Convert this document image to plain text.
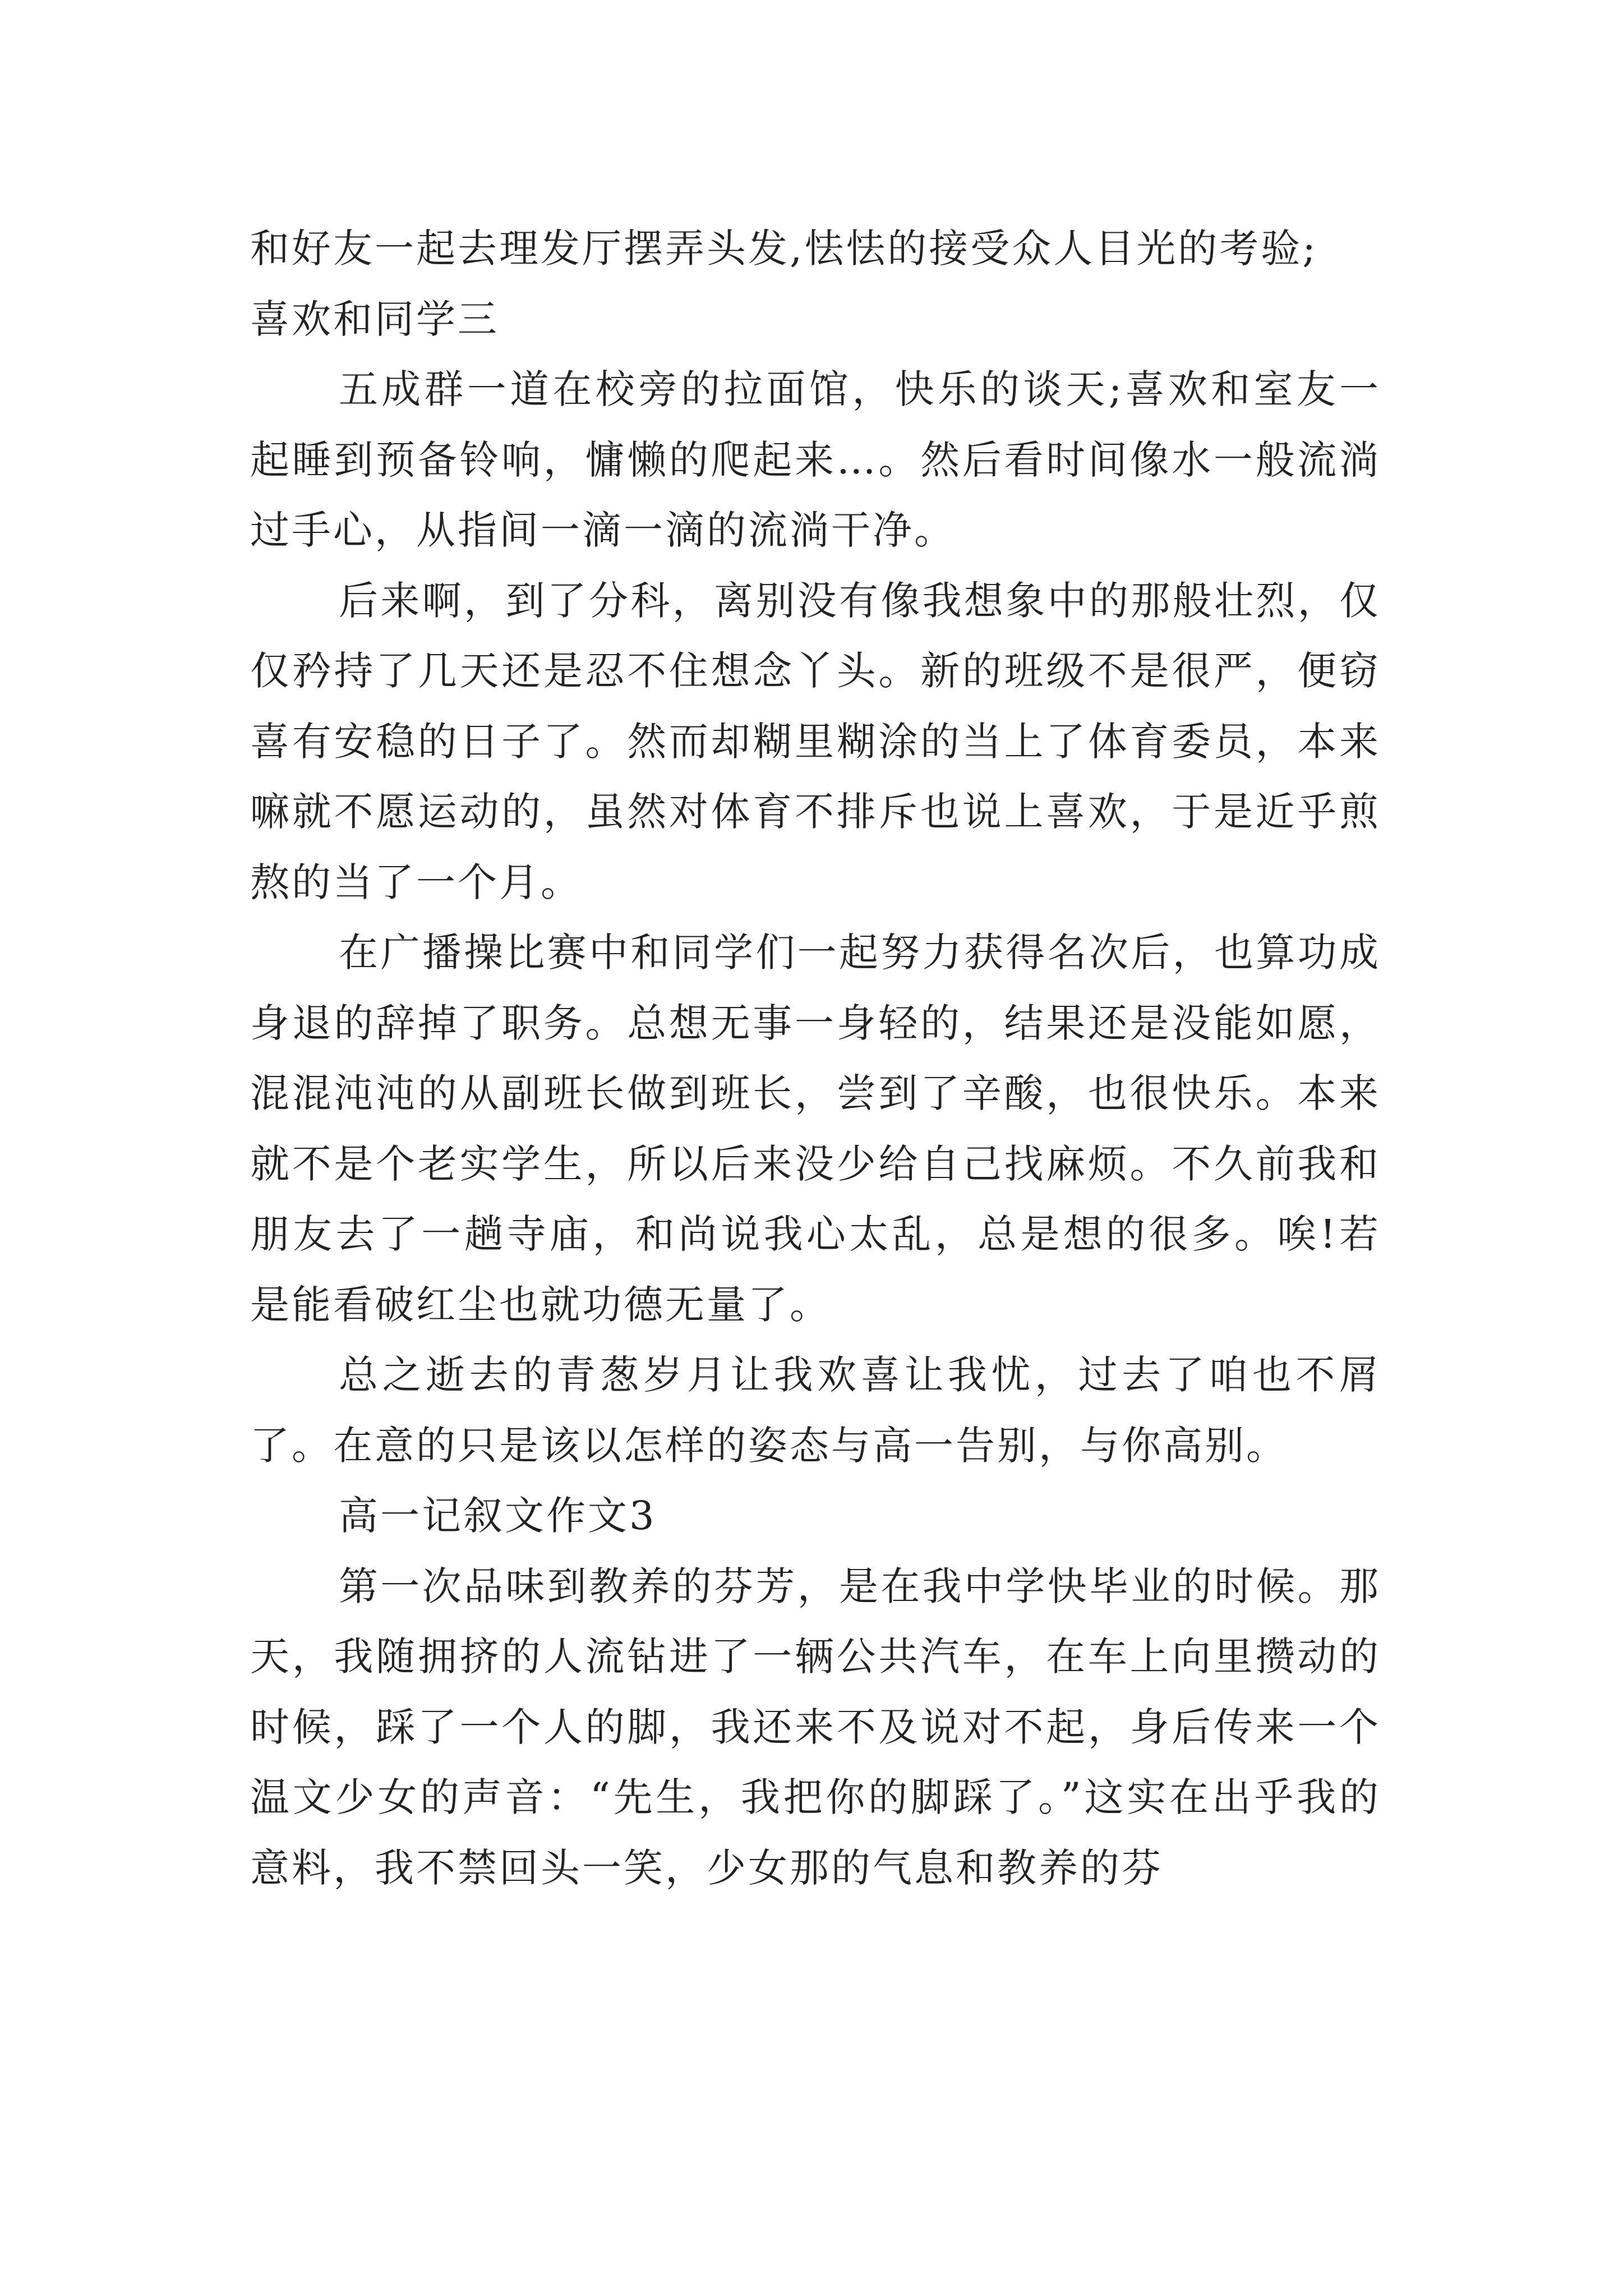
和好友一起去理发厅摆弄头发,怯怯的接受众人目光的考验;

喜欢和同学三

五成群一道在校旁的拉面馆，快乐的谈天;喜欢和室友一起睡到预备铃响，慵懒的爬起来…。然后看时间像水一般流淌过手心，从指间一滴一滴的流淌干净。

后来啊，到了分科，离别没有像我想象中的那般壮烈，仅仅矜持了几天还是忍不住想念丫头。新的班级不是很严，便窃喜有安稳的日子了。然而却糊里糊涂的当上了体育委员，本来嘛就不愿运动的，虽然对体育不排斥也说上喜欢，于是近乎煎熬的当了一个月。

在广播操比赛中和同学们一起努力获得名次后，也算功成身退的辞掉了职务。总想无事一身轻的，结果还是没能如愿，混混沌沌的从副班长做到班长，尝到了辛酸，也很快乐。本来就不是个老实学生，所以后来没少给自己找麻烦。不久前我和朋友去了一趟寺庙，和尚说我心太乱，总是想的很多。唉!若是能看破红尘也就功德无量了。

总之逝去的青葱岁月让我欢喜让我忧，过去了咱也不屑了。在意的只是该以怎样的姿态与高一告别，与你高别。

高一记叙文作文3

第一次品味到教养的芬芳，是在我中学快毕业的时候。那天，我随拥挤的人流钻进了一辆公共汽车，在车上向里攒动的时候，踩了一个人的脚，我还来不及说对不起，身后传来一个温文少女的声音：“先生，我把你的脚踩了。”这实在出乎我的意料，我不禁回头一笑，少女那的气息和教养的芬
